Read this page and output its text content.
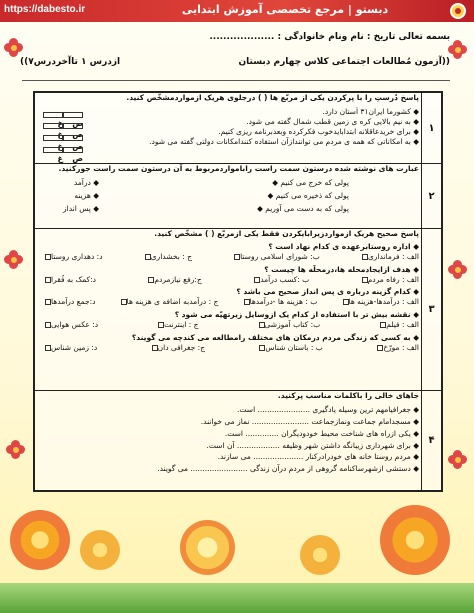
https://dabesto.ir	دبستو | مرجع تخصصی آموزش ابتدایی
بسمه تعالی تاریخ : نام ونام خانوادگی : ...................
((آزمون مُطالعات اجتماعی کلاس چهارم دبستان
ازدرس ۱ تاآخردرس۷))
۱
پاسخ دُرستِ را با پرکردن یکی از مربّع ها ( ) درجلوی هریک ازمواردمشخّص کنید.
◆ کشورما ایران۳۱ اُستان دارد.
◆ به نیم بالایی کره ی زمین قطب شمال گفته می شود.
◆ برای خریدعاقلانه ابتدابایدخوب فکرکرده وبعدبرنامه ریزی کنیم.
◆ به امکاناتی که همه ی مردم می توانندازآن استفاده کنندامکانات دولتی گفته می شود.
صغ
صغ
صغ
صغ
۲
عبارت های نوشته شده درستون سمت راست رابامواردمربوط به آن درستون سمت راست جورکنید.
پولی که خرج می کنیم ◆
پولی که ذخیره می کنیم ◆
پولی که به دست می آوریم ◆
◆ درآمد
◆ هزینه
◆ پس انداز
۳
پاسخ صحیح هریک ازمواردزیرابایکردن فقط یکی ازمربّع ( ) مشخّص کنید.
◆ اداره روستابرعهده ی کدام نهاد است ؟
الف : فرمانداری
ب: شورای اسلامی روستا
ج : بخشداری
د: دهداری روستا
◆ هدف ازایجادمحله ها،درمحلّه ها چیست ؟
الف : رفاه مردم
ب :کسب درآمد
ج:رفع نیازمردم
د:کمک به فُقرا
◆ کدام گزینه درباره ی پس انداز صحیح می باشد ؟
الف : درآمدها-هزینه ها
ب : هزینه ها -درآمدها
ج : درآمدبه اضافه ی هزینه ها
د:جمع درآمدها
◆ نقشه بیش تر با استفاده از کدام یک ازوسایل زیرتهیّه می شود ؟
الف : فیلم
ب: کتاب آموزشی
ج : اینترنت
د: عکس هوایی
◆ به کسی که زندگی مردم درمکان های مختلف رامطالعه می کندچه می گویند؟
الف : مورّخ
ب : باستان شناس
ج: جغرافی دان
د: زمین شناس
۴
جاهای خالی را باکلمات مناسب پرکنید.
◆ جغرافیامهم ترین وسیله یادگیری ...................... است.
◆ مسجدامام جماعت ونمازجماعت ........................ نماز می خوانند.
◆ یکی ازراه های شناخت محیط خودودیگران .............. است.
◆ برای شهرداری زیبانگه داشتن شهر وظیفه .................. آن است.
◆ مردم روستا خانه های خودرادرکنار ..................... می سازند.
◆ دستشی ازشهرساکنامه گروهی از مردم درآن زندگی ........................ می گویند.
